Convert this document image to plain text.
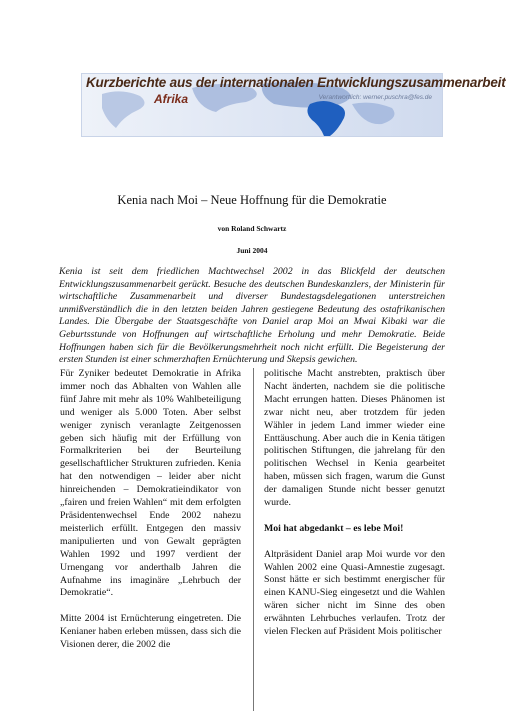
Kurzberichte aus der internationalen Entwicklungszusammenarbeit
Afrika	Verantwortlich: werner.puschra@fes.de
Kenia nach Moi – Neue Hoffnung für die Demokratie
von Roland Schwartz
Juni 2004
Kenia ist seit dem friedlichen Machtwechsel 2002 in das Blickfeld der deutschen Entwicklungszusammenarbeit gerückt. Besuche des deutschen Bundeskanzlers, der Ministerin für wirtschaftliche Zusammenarbeit und diverser Bundestagsdelegationen unterstreichen unmißverständlich die in den letzten beiden Jahren gestiegene Bedeutung des ostafrikanischen Landes. Die Übergabe der Staatsgeschäfte von Daniel arap Moi an Mwai Kibaki war die Geburtsstunde von Hoffnungen auf wirtschaftliche Erholung und mehr Demokratie. Beide Hoffnungen haben sich für die Bevölkerungsmehrheit noch nicht erfüllt. Die Begeisterung der ersten Stunden ist einer schmerzhaften Ernüchterung und Skepsis gewichen.

Für Zyniker bedeutet Demokratie in Afrika immer noch das Abhalten von Wahlen alle fünf Jahre mit mehr als 10% Wahlbeteiligung und weniger als 5.000 Toten. Aber selbst weniger zynisch veranlagte Zeitgenossen geben sich häufig mit der Erfüllung von Formalkriterien bei der Beurteilung gesellschaftlicher Strukturen zufrieden. Kenia hat den notwendigen – leider aber nicht hinreichenden – Demokratieindikator von „fairen und freien Wahlen“ mit dem erfolgten Präsidentenwechsel Ende 2002 nahezu meisterlich erfüllt. Entgegen den massiv manipulierten und von Gewalt geprägten Wahlen 1992 und 1997 verdient der Urnengang vor anderthalb Jahren die Aufnahme ins imaginäre „Lehrbuch der Demokratie“.

Mitte 2004 ist Ernüchterung eingetreten. Die Kenianer haben erleben müssen, dass sich die Visionen derer, die 2002 die

politische Macht anstrebten, praktisch über Nacht änderten, nachdem sie die politische Macht errungen hatten. Dieses Phänomen ist zwar nicht neu, aber trotzdem für jeden Wähler in jedem Land immer wieder eine Enttäuschung. Aber auch die in Kenia tätigen politischen Stiftungen, die jahrelang für den politischen Wechsel in Kenia gearbeitet haben, müssen sich fragen, warum die Gunst der damaligen Stunde nicht besser genutzt wurde.

Moi hat abgedankt – es lebe Moi!

Altpräsident Daniel arap Moi wurde vor den Wahlen 2002 eine Quasi-Amnestie zugesagt. Sonst hätte er sich bestimmt energischer für einen KANU-Sieg eingesetzt und die Wahlen wären sicher nicht im Sinne des oben erwähnten Lehrbuches verlaufen. Trotz der vielen Flecken auf Präsident Mois politischer
